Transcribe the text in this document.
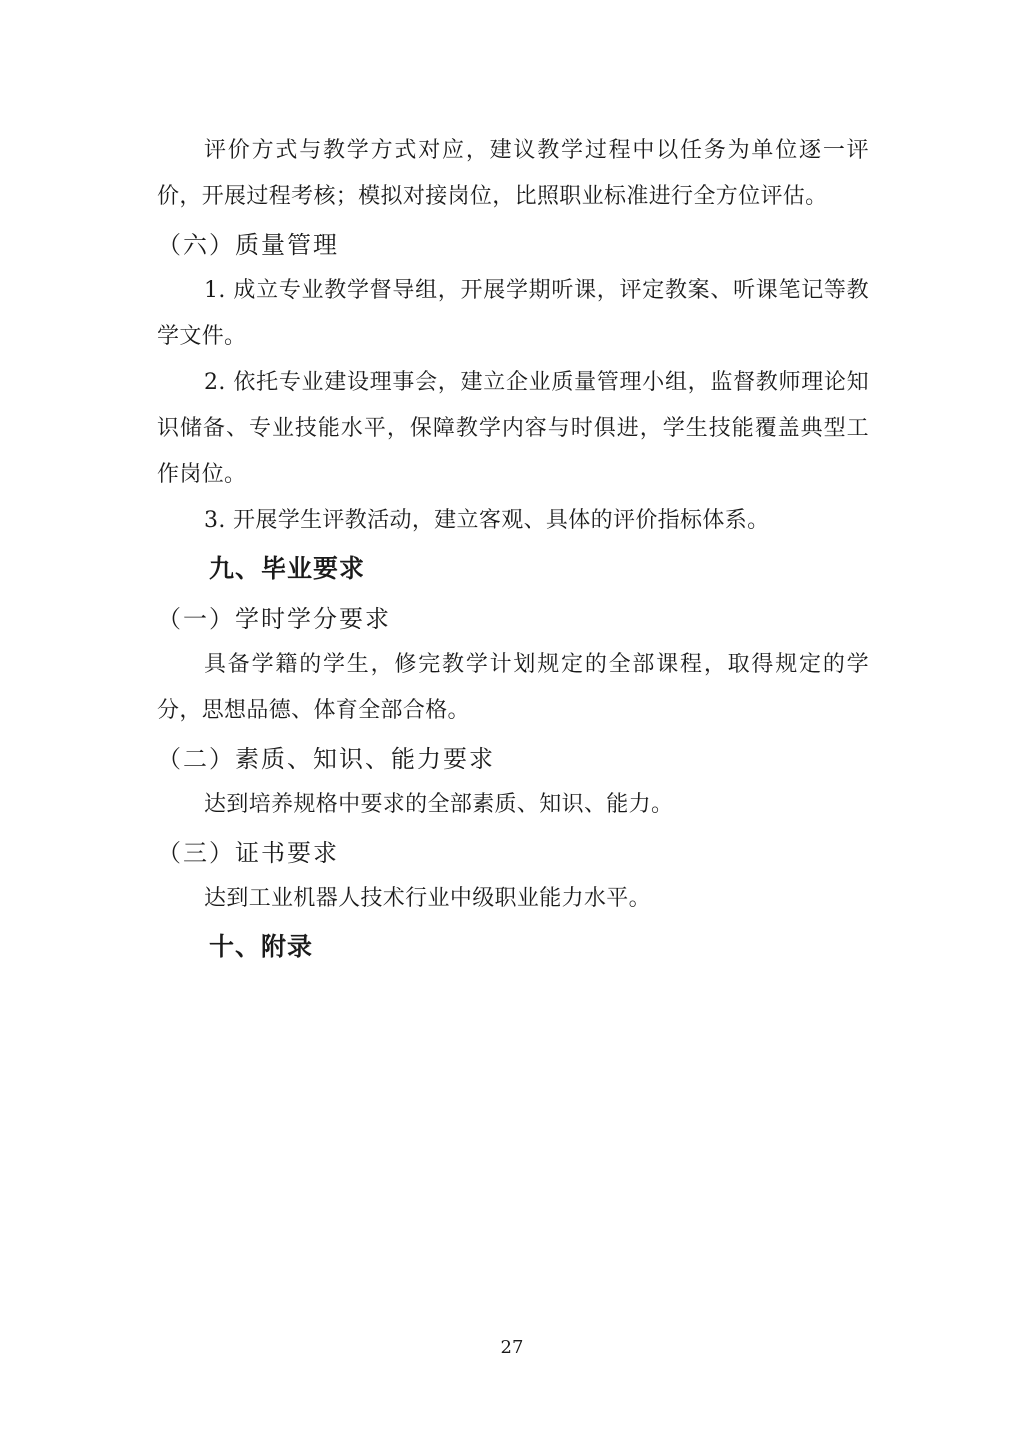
评价方式与教学方式对应，建议教学过程中以任务为单位逐一评价，开展过程考核；模拟对接岗位，比照职业标准进行全方位评估。

（六）质量管理

1. 成立专业教学督导组，开展学期听课，评定教案、听课笔记等教学文件。

2. 依托专业建设理事会，建立企业质量管理小组，监督教师理论知识储备、专业技能水平，保障教学内容与时俱进，学生技能覆盖典型工作岗位。

3. 开展学生评教活动，建立客观、具体的评价指标体系。

九、毕业要求

（一）学时学分要求

具备学籍的学生，修完教学计划规定的全部课程，取得规定的学分，思想品德、体育全部合格。

（二）素质、知识、能力要求

达到培养规格中要求的全部素质、知识、能力。

（三）证书要求

达到工业机器人技术行业中级职业能力水平。

十、附录

27
